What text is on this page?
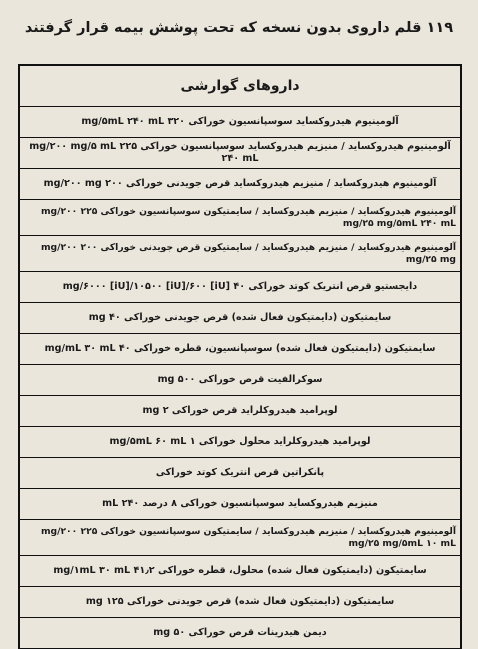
۱۱۹ قلم داروی بدون نسخه که تحت پوشش بیمه قرار گرفتند
داروهای گوارشی
آلومینیوم هیدروکساید سوسپانسیون خوراکی ۳۲۰ mg/۵mL ۲۴۰ mL
آلومینیوم هیدروکساید / منیزیم هیدروکساید سوسپانسیون خوراکی ۲۲۵ mg/۲۰۰ mg/۵ mL ۲۴۰ mL
آلومینیوم هیدروکساید / منیزیم هیدروکساید قرص جویدنی خوراکی ۲۰۰ mg/۲۰۰ mg
آلومینیوم هیدروکساید / منیزیم هیدروکساید / سایمتیکون سوسپانسیون خوراکی ۲۲۵ mg/۲۰۰ mg/۲۵ mg/۵mL ۲۴۰ mL
آلومینیوم هیدروکساید / منیزیم هیدروکساید / سایمتیکون قرص جویدنی خوراکی ۲۰۰ mg/۲۰۰ mg/۲۵ mg
دایجستیو قرص انتریک کوتد خوراکی ۴۰ mg/۶۰۰۰ [iU]/۱۰۵۰۰ [iU]/۶۰۰ [iU]
سایمتیکون (دایمتیکون فعال شده) قرص جویدنی خوراکی ۴۰ mg
سایمتیکون (دایمتیکون فعال شده) سوسپانسیون، قطره خوراکی ۴۰ mg/mL ۳۰ mL
سوکرالفیت قرص خوراکی ۵۰۰ mg
لوپرامید هیدروکلراید قرص خوراکی ۲ mg
لوپرامید هیدروکلراید محلول خوراکی ۱ mg/۵mL ۶۰ mL
پانکراتین قرص انتریک کوتد خوراکی
منیزیم هیدروکساید سوسپانسیون خوراکی ۸ درصد ۲۴۰ mL
آلومینیوم هیدروکساید / منیزیم هیدروکساید / سایمتیکون سوسپانسیون خوراکی ۲۲۵ mg/۲۰۰ mg/۲۵ mg/۵mL ۱۰ mL
سایمتیکون (دایمتیکون فعال شده) محلول، قطره خوراکی ۴۱٫۲ mg/۱mL ۳۰ mL
سایمتیکون (دایمتیکون فعال شده) قرص جویدنی خوراکی ۱۲۵ mg
دیمن هیدرینات قرص خوراکی ۵۰ mg
